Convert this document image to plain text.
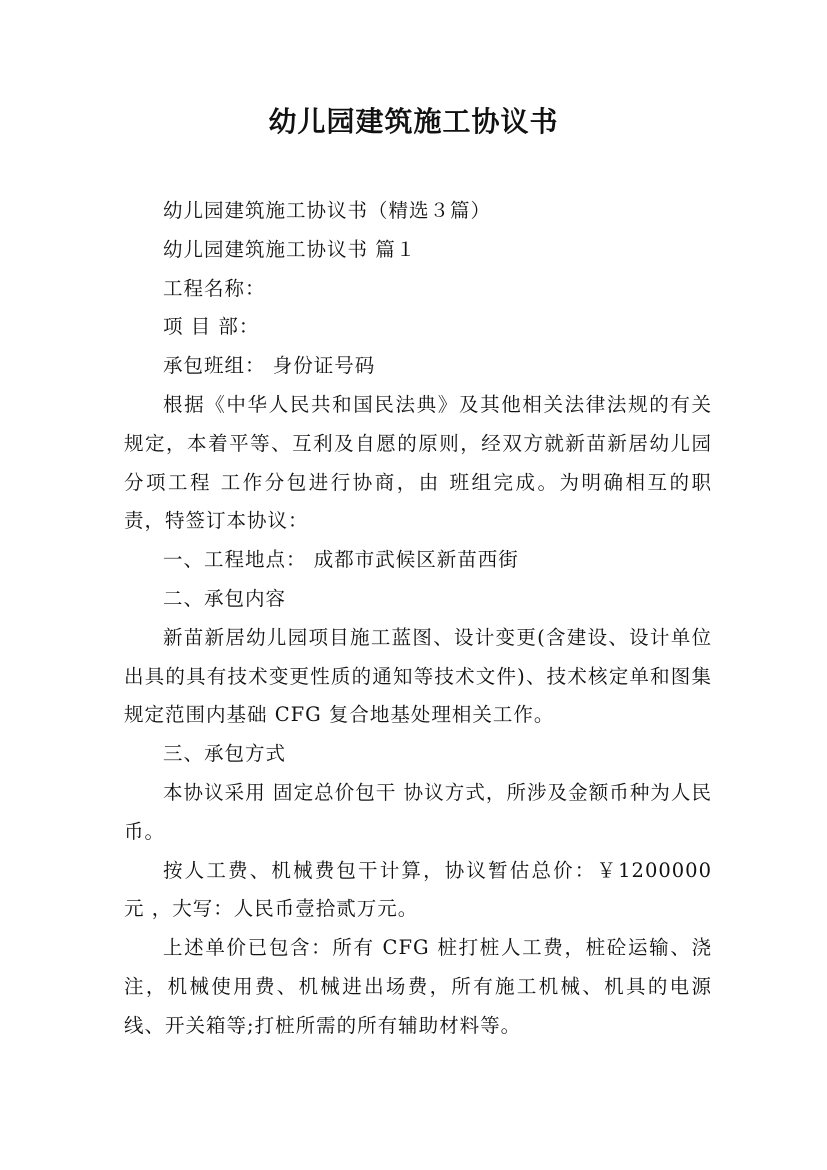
幼儿园建筑施工协议书

幼儿园建筑施工协议书（精选３篇）

幼儿园建筑施工协议书 篇１

工程名称：

项 目 部：

承包班组： 身份证号码

根据《中华人民共和国民法典》及其他相关法律法规的有关规定，本着平等、互利及自愿的原则，经双方就新苗新居幼儿园分项工程 工作分包进行协商，由 班组完成。为明确相互的职责，特签订本协议：

一、工程地点： 成都市武候区新苗西街

二、承包内容

新苗新居幼儿园项目施工蓝图、设计变更(含建设、设计单位出具的具有技术变更性质的通知等技术文件)、技术核定单和图集规定范围内基础 CFG 复合地基处理相关工作。

三、承包方式

本协议采用 固定总价包干 协议方式，所涉及金额币种为人民币。

按人工费、机械费包干计算，协议暂估总价：￥1200000 元 ，大写：人民币壹拾贰万元。

上述单价已包含：所有 CFG 桩打桩人工费，桩砼运输、浇注，机械使用费、机械进出场费，所有施工机械、机具的电源线、开关箱等;打桩所需的所有辅助材料等。
